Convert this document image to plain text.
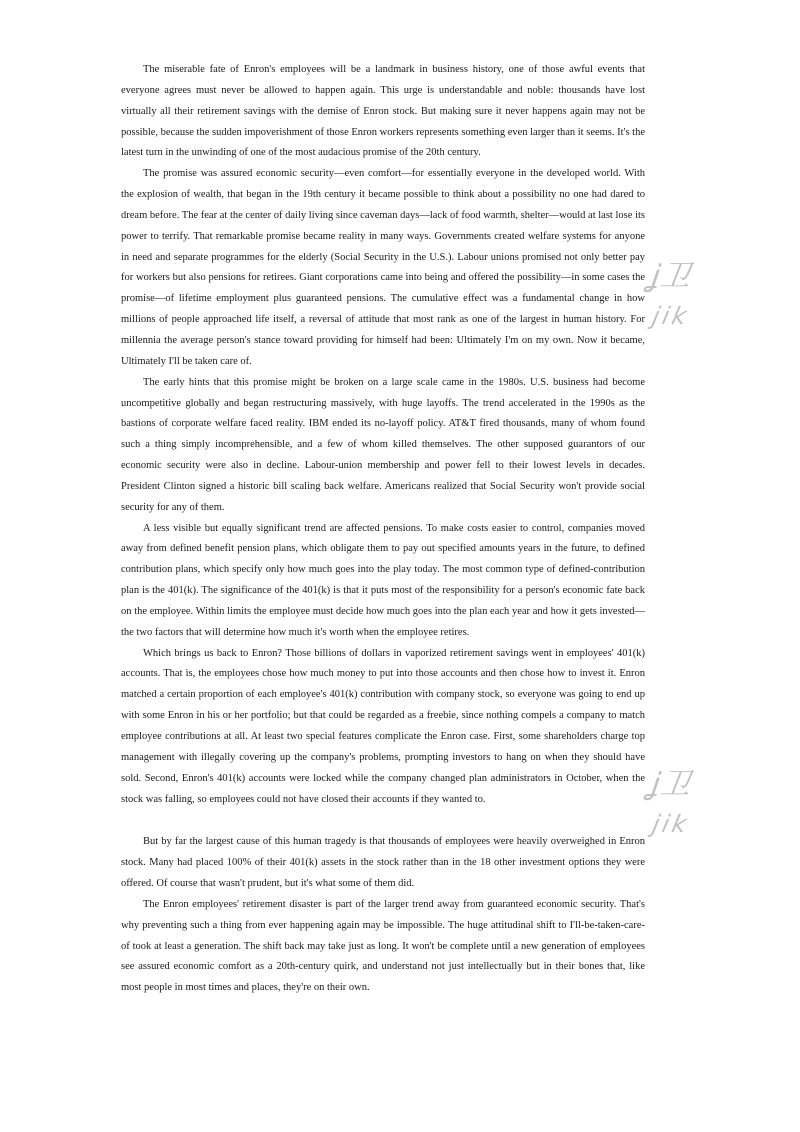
The miserable fate of Enron's employees will be a landmark in business history, one of those awful events that everyone agrees must never be allowed to happen again. This urge is understandable and noble: thousands have lost virtually all their retirement savings with the demise of Enron stock. But making sure it never happens again may not be possible, because the sudden impoverishment of those Enron workers represents something even larger than it seems. It's the latest turn in the unwinding of one of the most audacious promise of the 20th century.

The promise was assured economic security—even comfort—for essentially everyone in the developed world. With the explosion of wealth, that began in the 19th century it became possible to think about a possibility no one had dared to dream before. The fear at the center of daily living since caveman days—lack of food warmth, shelter—would at last lose its power to terrify. That remarkable promise became reality in many ways. Governments created welfare systems for anyone in need and separate programmes for the elderly (Social Security in the U.S.). Labour unions promised not only better pay for workers but also pensions for retirees. Giant corporations came into being and offered the possibility—in some cases the promise—of lifetime employment plus guaranteed pensions. The cumulative effect was a fundamental change in how millions of people approached life itself, a reversal of attitude that most rank as one of the largest in human history. For millennia the average person's stance toward providing for himself had been: Ultimately I'm on my own. Now it became, Ultimately I'll be taken care of.

The early hints that this promise might be broken on a large scale came in the 1980s. U.S. business had become uncompetitive globally and began restructuring massively, with huge layoffs. The trend accelerated in the 1990s as the bastions of corporate welfare faced reality. IBM ended its no-layoff policy. AT&T fired thousands, many of whom found such a thing simply incomprehensible, and a few of whom killed themselves. The other supposed guarantors of our economic security were also in decline. Labour-union membership and power fell to their lowest levels in decades. President Clinton signed a historic bill scaling back welfare. Americans realized that Social Security won't provide social security for any of them.

A less visible but equally significant trend are affected pensions. To make costs easier to control, companies moved away from defined benefit pension plans, which obligate them to pay out specified amounts years in the future, to defined contribution plans, which specify only how much goes into the play today. The most common type of defined-contribution plan is the 401(k). The significance of the 401(k) is that it puts most of the responsibility for a person's economic fate back on the employee. Within limits the employee must decide how much goes into the plan each year and how it gets invested—the two factors that will determine how much it's worth when the employee retires.

Which brings us back to Enron? Those billions of dollars in vaporized retirement savings went in employees' 401(k) accounts. That is, the employees chose how much money to put into those accounts and then chose how to invest it. Enron matched a certain proportion of each employee's 401(k) contribution with company stock, so everyone was going to end up with some Enron in his or her portfolio; but that could be regarded as a freebie, since nothing compels a company to match employee contributions at all. At least two special features complicate the Enron case. First, some shareholders charge top management with illegally covering up the company's problems, prompting investors to hang on when they should have sold. Second, Enron's 401(k) accounts were locked while the company changed plan administrators in October, when the stock was falling, so employees could not have closed their accounts if they wanted to.

But by far the largest cause of this human tragedy is that thousands of employees were heavily overweighed in Enron stock. Many had placed 100% of their 401(k) assets in the stock rather than in the 18 other investment options they were offered. Of course that wasn't prudent, but it's what some of them did.

The Enron employees' retirement disaster is part of the larger trend away from guaranteed economic security. That's why preventing such a thing from ever happening again may be impossible. The huge attitudinal shift to I'll-be-taken-care-of took at least a generation. The shift back may take just as long. It won't be complete until a new generation of employees see assured economic comfort as a 20th-century quirk, and understand not just intellectually but in their bones that, like most people in most times and places, they're on their own.

ʝ卫
jik
ʝ卫
jik
